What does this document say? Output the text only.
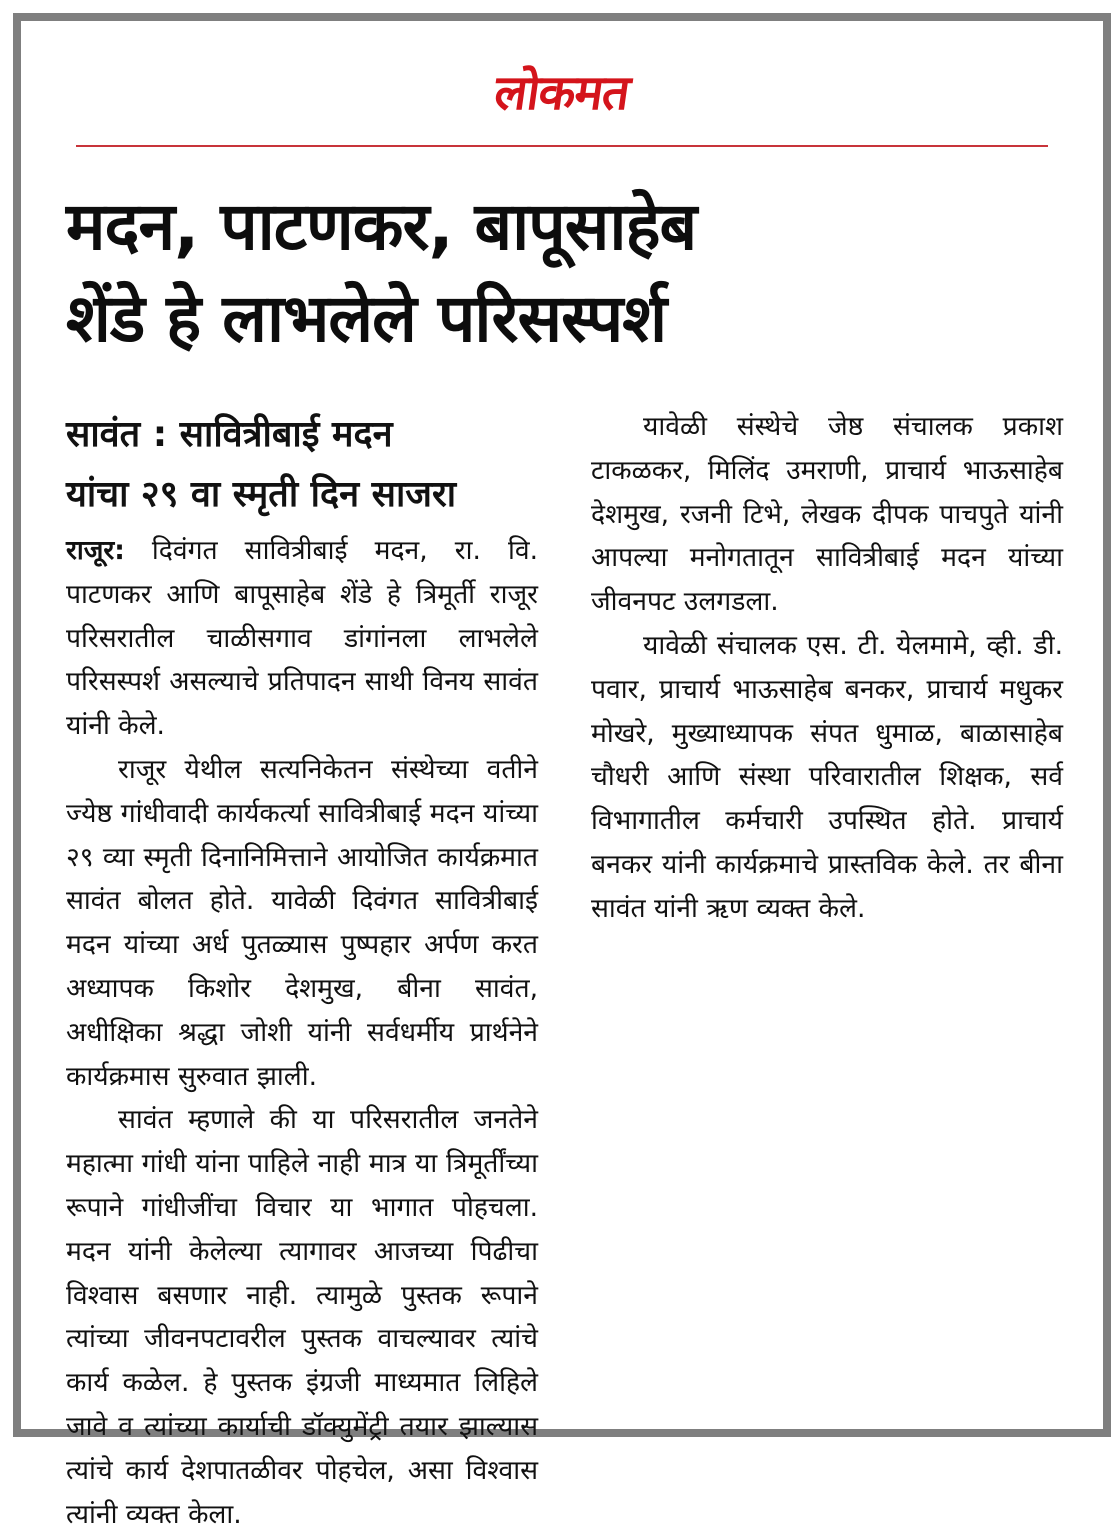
लोकमत
मदन, पाटणकर, बापूसाहेब
शेंडे हे लाभलेले परिसस्पर्श
सावंत : सावित्रीबाई मदन
यांचा २९ वा स्मृती दिन साजरा

राजूर: दिवंगत सावित्रीबाई मदन, रा. वि. पाटणकर आणि बापूसाहेब शेंडे हे त्रिमूर्ती राजूर परिसरातील चाळीसगाव डांगांनला लाभलेले परिसस्पर्श असल्याचे प्रतिपादन साथी विनय सावंत यांनी केले.

राजूर येथील सत्यनिकेतन संस्थेच्या वतीने ज्येष्ठ गांधीवादी कार्यकर्त्या सावित्रीबाई मदन यांच्या २९ व्या स्मृती दिनानिमित्ताने आयोजित कार्यक्रमात सावंत बोलत होते. यावेळी दिवंगत सावित्रीबाई मदन यांच्या अर्ध पुतळ्यास पुष्पहार अर्पण करत अध्यापक किशोर देशमुख, बीना सावंत, अधीक्षिका श्रद्धा जोशी यांनी सर्वधर्मीय प्रार्थनेने कार्यक्रमास सुरुवात झाली.

सावंत म्हणाले की या परिसरातील जनतेने महात्मा गांधी यांना पाहिले नाही मात्र या त्रिमूर्तींच्या रूपाने गांधीजींचा विचार या भागात पोहचला. मदन यांनी केलेल्या त्यागावर आजच्या पिढीचा विश्वास बसणार नाही. त्यामुळे पुस्तक रूपाने त्यांच्या जीवनपटावरील पुस्तक वाचल्यावर त्यांचे कार्य कळेल. हे पुस्तक इंग्रजी माध्यमात लिहिले जावे व त्यांच्या कार्याची डॉक्युमेंट्री तयार झाल्यास त्यांचे कार्य देशपातळीवर पोहचेल, असा विश्वास त्यांनी व्यक्त केला.

यावेळी संस्थेचे जेष्ठ संचालक प्रकाश टाकळकर, मिलिंद उमराणी, प्राचार्य भाऊसाहेब देशमुख, रजनी टिभे, लेखक दीपक पाचपुते यांनी आपल्या मनोगतातून सावित्रीबाई मदन यांच्या जीवनपट उलगडला.

यावेळी संचालक एस. टी. येलमामे, व्ही. डी. पवार, प्राचार्य भाऊसाहेब बनकर, प्राचार्य मधुकर मोखरे, मुख्याध्यापक संपत धुमाळ, बाळासाहेब चौधरी आणि संस्था परिवारातील शिक्षक, सर्व विभागातील कर्मचारी उपस्थित होते. प्राचार्य बनकर यांनी कार्यक्रमाचे प्रास्तविक केले. तर बीना सावंत यांनी ऋण व्यक्त केले.
